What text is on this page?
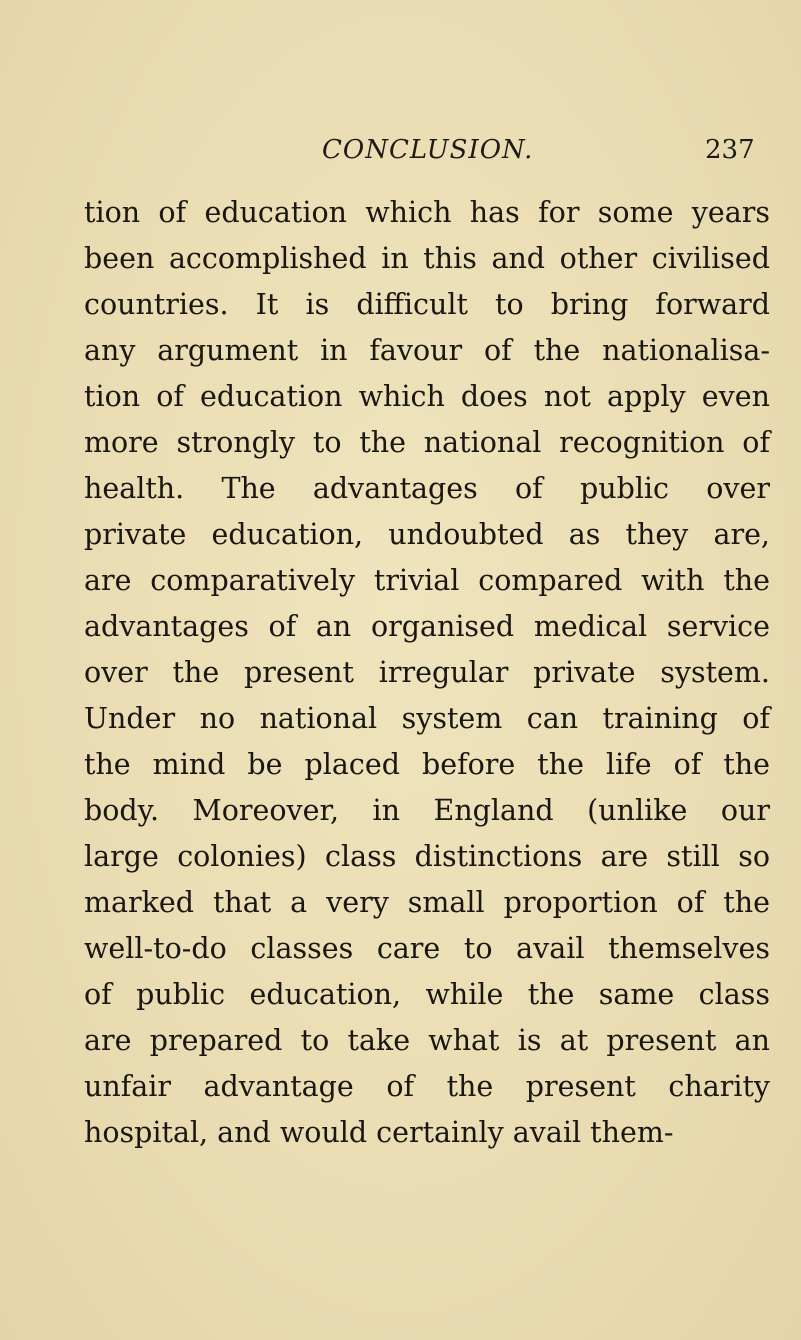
CONCLUSION.	237
tion of education which has for some years
been accomplished in this and other civilised
countries. It is difficult to bring forward
any argument in favour of the nationalisa-
tion of education which does not apply even
more strongly to the national recognition of
health. The advantages of public over
private education, undoubted as they are,
are comparatively trivial compared with the
advantages of an organised medical service
over the present irregular private system.
Under no national system can training of
the mind be placed before the life of the
body. Moreover, in England (unlike our
large colonies) class distinctions are still so
marked that a very small proportion of the
well-to-do classes care to avail themselves
of public education, while the same class
are prepared to take what is at present an
unfair advantage of the present charity
hospital, and would certainly avail them-
